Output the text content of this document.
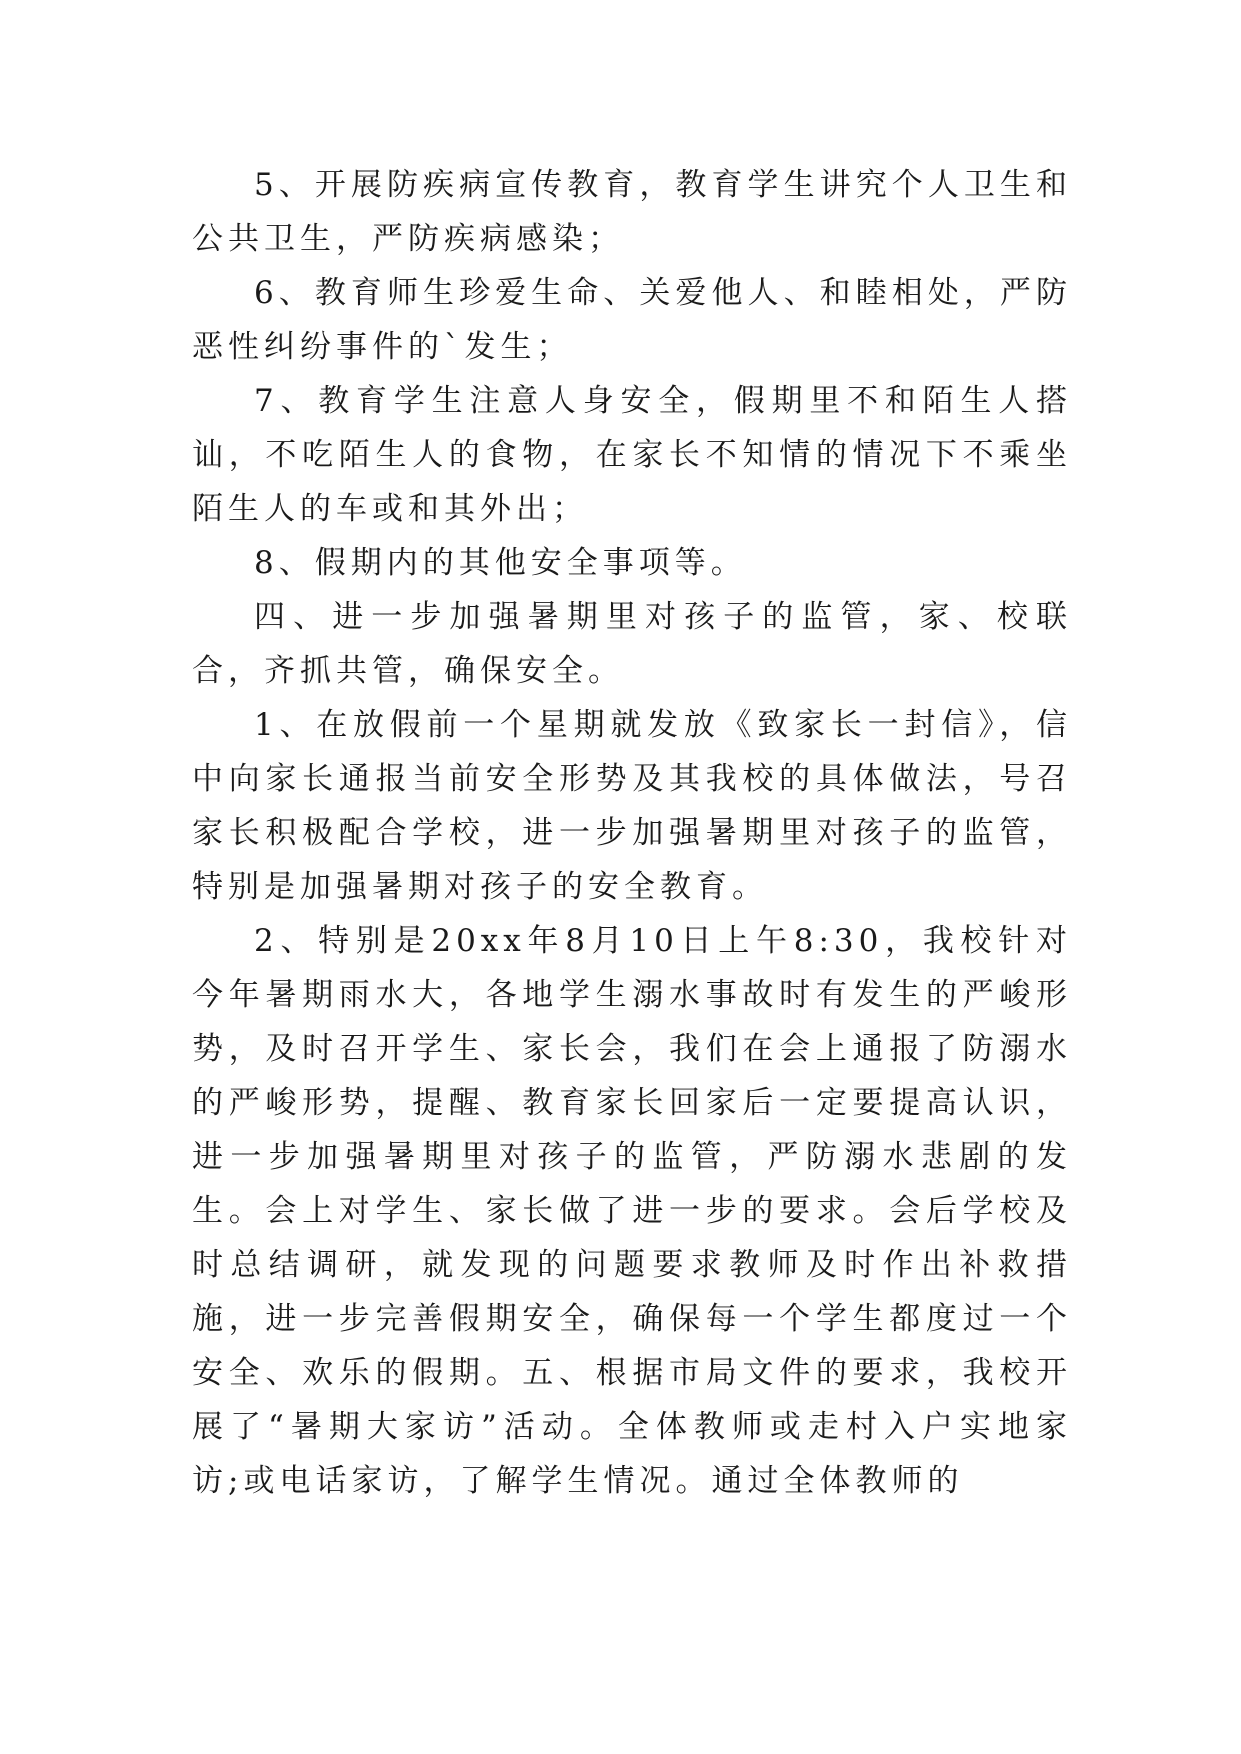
5、开展防疾病宣传教育，教育学生讲究个人卫生和公共卫生，严防疾病感染；

6、教育师生珍爱生命、关爱他人、和睦相处，严防恶性纠纷事件的`发生；

7、教育学生注意人身安全，假期里不和陌生人搭讪，不吃陌生人的食物，在家长不知情的情况下不乘坐陌生人的车或和其外出；

8、假期内的其他安全事项等。

四、进一步加强暑期里对孩子的监管，家、校联合，齐抓共管，确保安全。

1、在放假前一个星期就发放《致家长一封信》，信中向家长通报当前安全形势及其我校的具体做法，号召家长积极配合学校，进一步加强暑期里对孩子的监管，特别是加强暑期对孩子的安全教育。

2、特别是20xx年8月10日上午8:30，我校针对今年暑期雨水大，各地学生溺水事故时有发生的严峻形势，及时召开学生、家长会，我们在会上通报了防溺水的严峻形势，提醒、教育家长回家后一定要提高认识，进一步加强暑期里对孩子的监管，严防溺水悲剧的发生。会上对学生、家长做了进一步的要求。会后学校及时总结调研，就发现的问题要求教师及时作出补救措施，进一步完善假期安全，确保每一个学生都度过一个安全、欢乐的假期。五、根据市局文件的要求，我校开展了“暑期大家访”活动。全体教师或走村入户实地家访;或电话家访，了解学生情况。通过全体教师的
